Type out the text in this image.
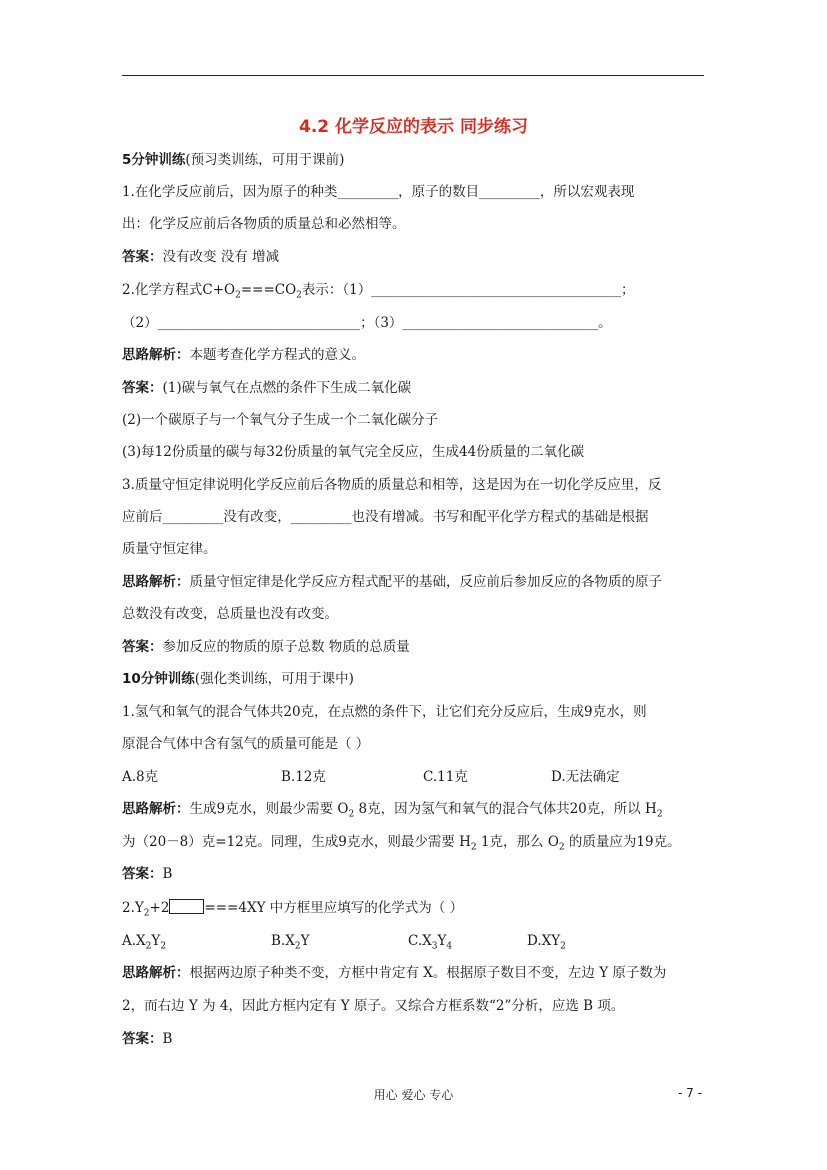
4.2 化学反应的表示 同步练习
5分钟训练(预习类训练，可用于课前)
1.在化学反应前后，因为原子的种类_________，原子的数目_________，所以宏观表现
出：化学反应前后各物质的质量总和必然相等。
答案：没有改变 没有 增减
2.化学方程式$C+O_2===CO_2$表示：（1）_____________________________________；
（2）______________________________；（3）_____________________________。
思路解析：本题考查化学方程式的意义。
答案：(1)碳与氧气在点燃的条件下生成二氧化碳
(2)一个碳原子与一个氧气分子生成一个二氧化碳分子
(3)每12份质量的碳与每32份质量的氧气完全反应，生成44份质量的二氧化碳
3.质量守恒定律说明化学反应前后各物质的质量总和相等，这是因为在一切化学反应里，反
应前后_________没有改变，_________也没有增减。书写和配平化学方程式的基础是根据
质量守恒定律。
思路解析：质量守恒定律是化学反应方程式配平的基础，反应前后参加反应的各物质的原子
总数没有改变，总质量也没有改变。
答案：参加反应的物质的原子总数 物质的总质量
10分钟训练(强化类训练，可用于课中)
1.氢气和氧气的混合气体共20克，在点燃的条件下，让它们充分反应后，生成9克水，则
原混合气体中含有氢气的质量可能是（ ）
A.8克	B.12克	C.11克	D.无法确定
思路解析：生成9克水，则最少需要 $O_2$ 8克，因为氢气和氧气的混合气体共20克，所以 $H_2$
为（20－8）克=12克。同理，生成9克水，则最少需要 $H_2$ 1克，那么 $O_2$ 的质量应为19克。
答案：B
$2.Y_2+2$	===4XY 中方框里应填写的化学式为（ ）
$A.X_2Y_2$	$B.X_2Y$	$C.X_3Y_4$	$D.XY_2$
思路解析：根据两边原子种类不变，方框中肯定有 X。根据原子数目不变，左边 Y 原子数为
2，而右边 Y 为 4，因此方框内定有 Y 原子。又综合方框系数“2”分析，应选 B 项。
答案：B
用心 爱心 专心	- 7 -
